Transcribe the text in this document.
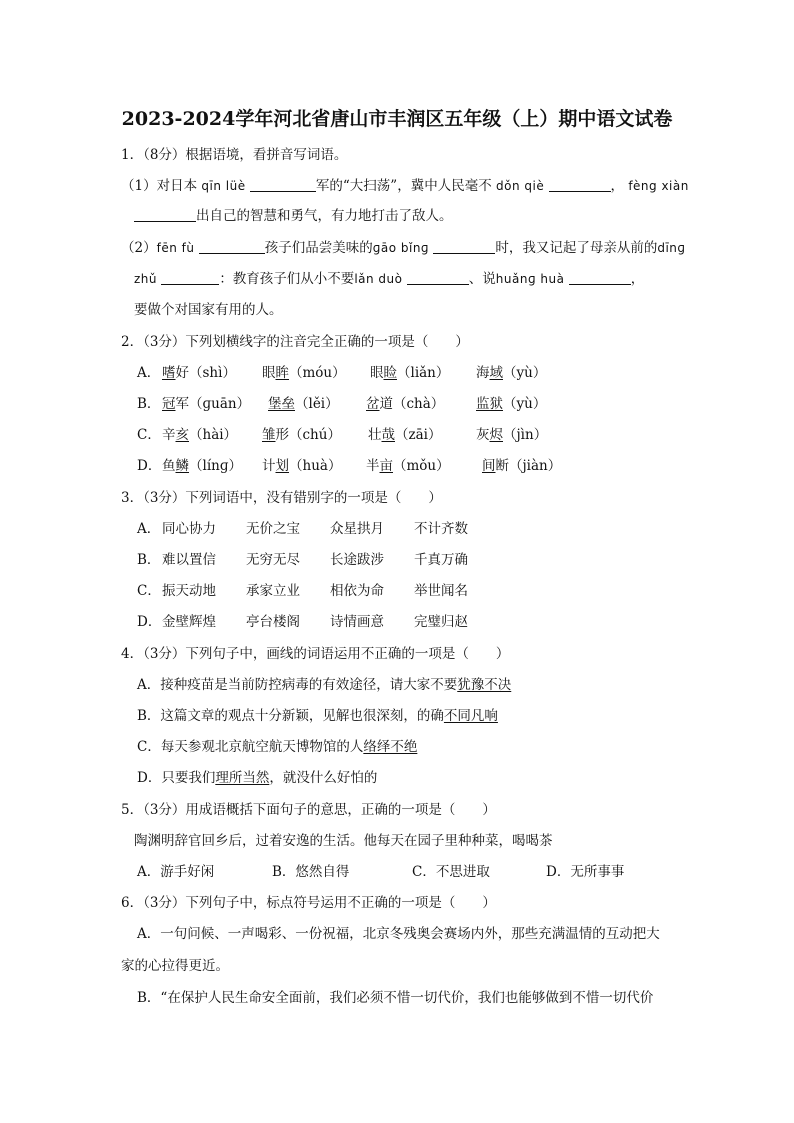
2023-2024学年河北省唐山市丰润区五年级（上）期中语文试卷
1．（8分）根据语境，看拼音写词语。
（1）对日本 qīn lüè	军的“大扫荡”，冀中人民毫不 dǒn qiè	， fèng xiàn
出自己的智慧和勇气，有力地打击了敌人。
（2）fēn fù	孩子们品尝美味的ɡāo bǐnɡ	时，我又记起了母亲从前的dīnɡ
zhǔ	：教育孩子们从小不要lǎn duò	、说huǎnɡ huà	，
要做个对国家有用的人。
2．（3分）下列划横线字的注音完全正确的一项是（　　）
A． 嗜好（shì） 眼眸（móu） 眼睑（liǎn） 海域（yù）
B． 冠军（ɡuān） 堡垒（lěi） 岔道（chà） 监狱（yù）
C． 辛亥（hài） 雏形（chú） 壮哉（zāi）	灰烬（jìn）
D． 鱼鳞（línɡ） 计划（huà） 半亩（mǒu） 间断（jiàn）
3．（3分）下列词语中，没有错别字的一项是（　　）
A． 同心协力 无价之宝 众星拱月 不计齐数
B． 难以置信 无穷无尽 长途跋涉 千真万确
C． 振天动地 承家立业 相依为命 举世闻名
D． 金壁辉煌 亭台楼阁 诗情画意 完璧归赵
4．（3分）下列句子中，画线的词语运用不正确的一项是（　　）
A．接种疫苗是当前防控病毒的有效途径，请大家不要犹豫不决
B．这篇文章的观点十分新颖，见解也很深刻，的确不同凡响
C．每天参观北京航空航天博物馆的人络绎不绝
D．只要我们理所当然，就没什么好怕的
5．（3分）用成语概括下面句子的意思，正确的一项是（　　）
陶渊明辞官回乡后，过着安逸的生活。他每天在园子里种种菜，喝喝茶
A．游手好闲	B．悠然自得	C．不思进取	D．无所事事
6．（3分）下列句子中，标点符号运用不正确的一项是（　　）
A．一句问候、一声喝彩、一份祝福，北京冬残奥会赛场内外，那些充满温情的互动把大
家的心拉得更近。
B．“在保护人民生命安全面前，我们必须不惜一切代价，我们也能够做到不惜一切代价
